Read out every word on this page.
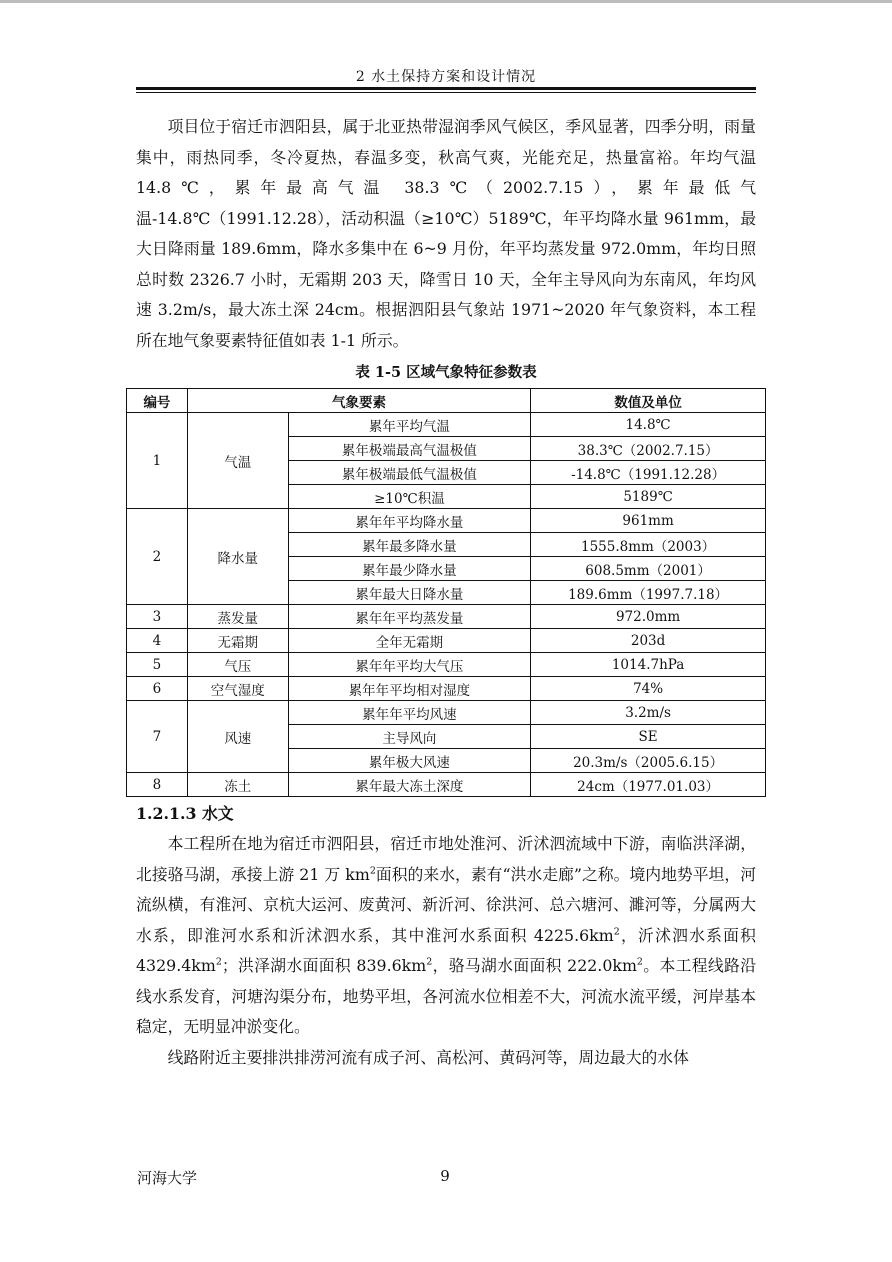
2 水土保持方案和设计情况

项目位于宿迁市泗阳县，属于北亚热带湿润季风气候区，季风显著，四季分明，雨量集中，雨热同季，冬冷夏热，春温多变，秋高气爽，光能充足，热量富裕。年均气温 14.8℃，累年最高气温 38.3℃（2002.7.15），累年最低气温-14.8℃（1991.12.28），活动积温（≥10℃）5189℃，年平均降水量 961mm，最大日降雨量 189.6mm，降水多集中在 6~9 月份，年平均蒸发量 972.0mm，年均日照总时数 2326.7 小时，无霜期 203 天，降雪日 10 天，全年主导风向为东南风，年均风速 3.2m/s，最大冻土深 24cm。根据泗阳县气象站 1971~2020 年气象资料，本工程所在地气象要素特征值如表 1-1 所示。

表 1-5 区域气象特征参数表
编号	气象要素		数值及单位
1	气温	累年平均气温	14.8℃
		累年极端最高气温极值	38.3℃（2002.7.15）
		累年极端最低气温极值	-14.8℃（1991.12.28）
		≥10℃积温	5189℃
2	降水量	累年年平均降水量	961mm
		累年最多降水量	1555.8mm（2003）
		累年最少降水量	608.5mm（2001）
		累年最大日降水量	189.6mm（1997.7.18）
3	蒸发量	累年年平均蒸发量	972.0mm
4	无霜期	全年无霜期	203d
5	气压	累年年平均大气压	1014.7hPa
6	空气湿度	累年年平均相对湿度	74%
7	风速	累年年平均风速	3.2m/s
		主导风向	SE
		累年极大风速	20.3m/s（2005.6.15）
8	冻土	累年最大冻土深度	24cm（1977.01.03）
1.2.1.3 水文

本工程所在地为宿迁市泗阳县，宿迁市地处淮河、沂沭泗流域中下游，南临洪泽湖，北接骆马湖，承接上游 21 万 $km^2$面积的来水，素有“洪水走廊”之称。境内地势平坦，河流纵横，有淮河、京杭大运河、废黄河、新沂河、徐洪河、总六塘河、濉河等，分属两大水系，即淮河水系和沂沭泗水系，其中淮河水系面积 $4225.6km^2$，沂沭泗水系面积 $4329.4km^2$；洪泽湖水面面积 $839.6km^2$，骆马湖水面面积 $222.0km^2$。本工程线路沿线水系发育，河塘沟渠分布，地势平坦，各河流水位相差不大，河流水流平缓，河岸基本稳定，无明显冲淤变化。

线路附近主要排洪排涝河流有成子河、高松河、黄码河等，周边最大的水体

河海大学	9
